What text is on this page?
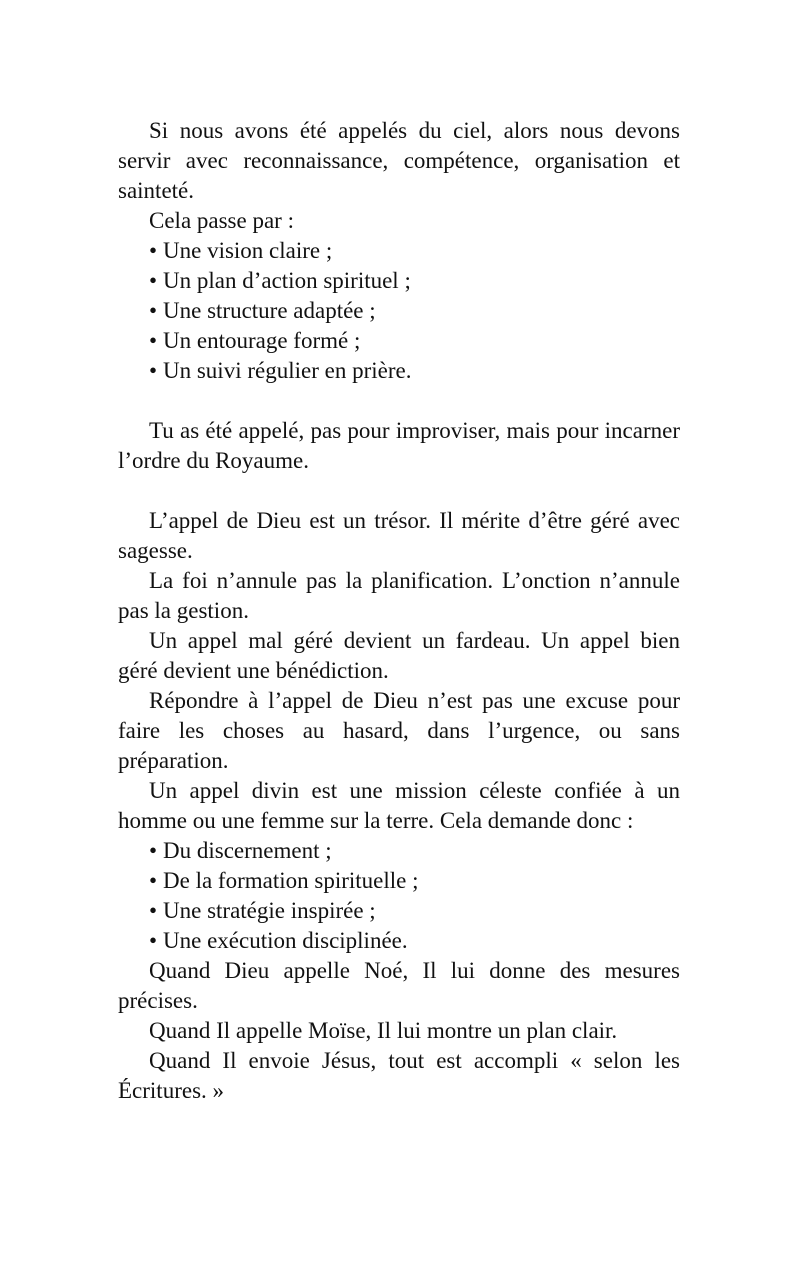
Si nous avons été appelés du ciel, alors nous devons servir avec reconnaissance, compétence, organisation et sainteté.

Cela passe par :

• Une vision claire ;

• Un plan d’action spirituel ;

• Une structure adaptée ;

• Un entourage formé ;

• Un suivi régulier en prière.

Tu as été appelé, pas pour improviser, mais pour incarner l’ordre du Royaume.

L’appel de Dieu est un trésor. Il mérite d’être géré avec sagesse.

La foi n’annule pas la planification. L’onction n’annule pas la gestion.

Un appel mal géré devient un fardeau. Un appel bien géré devient une bénédiction.

Répondre à l’appel de Dieu n’est pas une excuse pour faire les choses au hasard, dans l’urgence, ou sans préparation.

Un appel divin est une mission céleste confiée à un homme ou une femme sur la terre. Cela demande donc :

• Du discernement ;

• De la formation spirituelle ;

• Une stratégie inspirée ;

• Une exécution disciplinée.

Quand Dieu appelle Noé, Il lui donne des mesures précises.

Quand Il appelle Moïse, Il lui montre un plan clair.

Quand Il envoie Jésus, tout est accompli « selon les Écritures. »
